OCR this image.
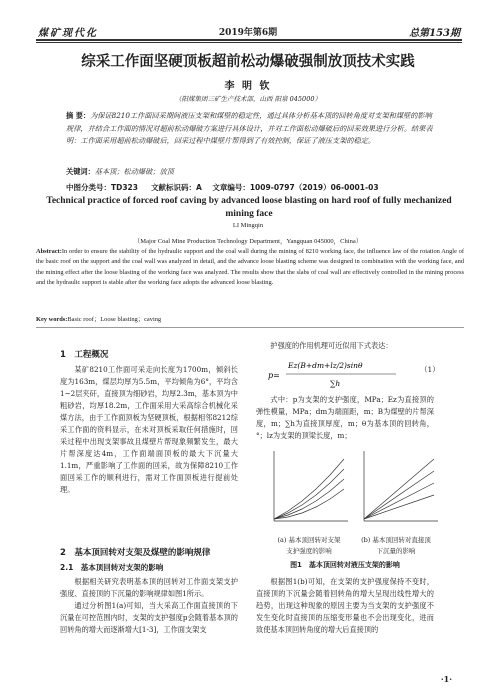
煤矿现代化	2019年第6期	总第153期
综采工作面坚硬顶板超前松动爆破强制放顶技术实践
李 明 钦
（阳煤集团三矿生产技术部，山西 阳泉 045000）
摘 要：为保证8210工作面回采期间液压支架和煤壁的稳定性，通过具体分析基本顶的回转角度对支架和煤壁的影响规律，并结合工作面的情况对超前松动爆破方案进行具体设计，并对工作面松动爆破后的回采效果进行分析。结果表明：工作面采用超前松动爆破后，回采过程中煤壁片帮得到了有效控制，保证了液压支架的稳定。
关键词：基本顶；松动爆破；放顶
中图分类号：TD323 文献标识码：A 文章编号：1009-0797（2019）06-0001-03
Technical practice of forced roof caving by advanced loose blasting on hard roof of fully mechanized mining face
LI Mingqin
（Major Coal Mine Production Technology Department，Yangquan 045000，China）
Abstract:In order to ensure the stability of the hydraulic support and the coal wall during the mining of 8210 working face, the influence law of the rotation Angle of the basic roof on the support and the coal wall was analyzed in detail, and the advance loose blasting scheme was designed in combination with the working face, and the mining effect after the loose blasting of the working face was analyzed. The results show that the slabs of coal wall are effectively controlled in the mining process and the hydraulic support is stable after the working face adopts the advanced loose blasting.
Key words:Basic roof；Loose blasting；caving
1　工程概况
某矿8210工作面可采走向长度为1700m，倾斜长度为163m，煤层均厚为5.5m，平均倾角为6°，平均含1~2层夹矸，直接顶为细砂岩，均厚2.3m，基本顶为中粗砂岩，均厚18.2m，工作面采用大采高综合机械化采煤方法，由于工作面顶板为坚硬顶板，根据相邻8212综采工作面的资料显示，在未对顶板采取任何措施时，回采过程中出现支架事故且煤壁片帮现象频繁发生，最大片帮深度达4m，工作面端面顶板的最大下沉量大1.1m，严重影响了工作面的回采，故为保障8210工作面回采工作的顺利进行，需对工作面顶板进行提前处理。
2　基本顶回转对支架及煤壁的影响规律
2.1　基本顶回转对支架的影响
根据相关研究表明基本顶的回转对工作面支架支护强度、直接顶的下沉量的影响规律如图1所示。
通过分析图1(a)可知，当大采高工作面直接顶的下沉量在可控范围内时，支架的支护强度p会随着基本顶的回转角的增大而逐渐增大[1-3]，工作面支架支
护强度的作用机理可近似用下式表达：
p=
Ez(B+dm+lz/2)sinθ
∑h
（1）
式中：p为支架的支护强度，MPa；Ez为直接顶的弹性模量，MPa；dm为端面距，m；B为煤壁的片帮深度，m；∑h为直接顶厚度，m；θ为基本顶的回转角，°；lz为支架的顶梁长度，m；
(a) 基本顶回转对支架
支护强度的影响
(b) 基本顶回转对直接顶
下沉量的影响
图1　基本顶回转对液压支架的影响
根据图1(b)可知，在支架的支护强度保持不变时，直接顶的下沉量会随着回转角的增大呈现出线性增大的趋势，出现这种现象的原因主要为当支架的支护强度不发生变化时直接顶的压缩变形量也不会出现变化，进而致使基本顶回转角度的增大后直接顶的
·1·
